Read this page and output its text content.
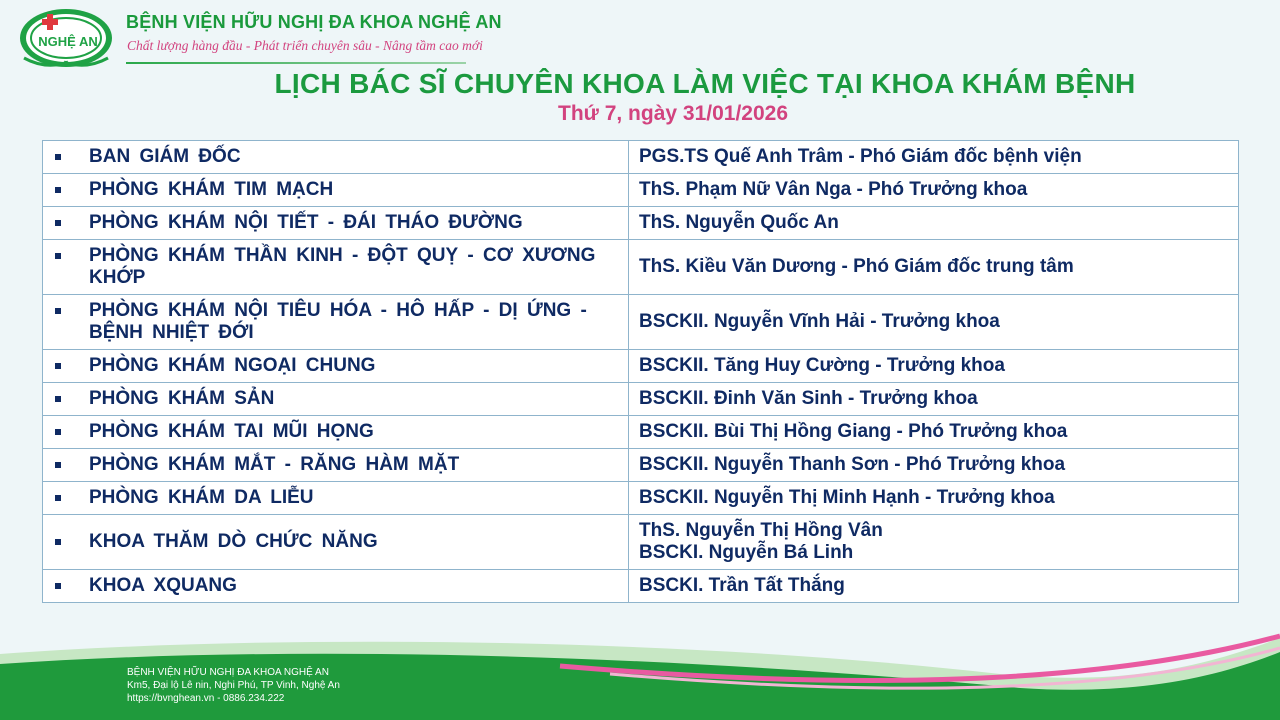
NGHỆ AN
BỆNH VIỆN HỮU NGHỊ ĐA KHOA NGHỆ AN
Chất lượng hàng đầu - Phát triển chuyên sâu - Nâng tầm cao mới
LỊCH BÁC SĨ CHUYÊN KHOA LÀM VIỆC TẠI KHOA KHÁM BỆNH
Thứ 7, ngày 31/01/2026
BAN GIÁM ĐỐC	PGS.TS Quế Anh Trâm - Phó Giám đốc bệnh viện

PHÒNG KHÁM TIM MẠCH	ThS. Phạm Nữ Vân Nga - Phó Trưởng khoa

PHÒNG KHÁM NỘI TIẾT - ĐÁI THÁO ĐƯỜNG	ThS. Nguyễn Quốc An

PHÒNG KHÁM THẦN KINH - ĐỘT QUỴ - CƠ XƯƠNG KHỚP	ThS. Kiều Văn Dương - Phó Giám đốc trung tâm

PHÒNG KHÁM NỘI TIÊU HÓA - HÔ HẤP - DỊ ỨNG - BỆNH NHIỆT ĐỚI	BSCKII. Nguyễn Vĩnh Hải - Trưởng khoa

PHÒNG KHÁM NGOẠI CHUNG	BSCKII. Tăng Huy Cường - Trưởng khoa

PHÒNG KHÁM SẢN	BSCKII. Đinh Văn Sinh - Trưởng khoa

PHÒNG KHÁM TAI MŨI HỌNG	BSCKII. Bùi Thị Hồng Giang - Phó Trưởng khoa

PHÒNG KHÁM MẮT - RĂNG HÀM MẶT	BSCKII. Nguyễn Thanh Sơn - Phó Trưởng khoa

PHÒNG KHÁM DA LIỄU	BSCKII. Nguyễn Thị Minh Hạnh - Trưởng khoa

KHOA THĂM DÒ CHỨC NĂNG	ThS. Nguyễn Thị Hồng Vân
BSCKI. Nguyễn Bá Linh

KHOA XQUANG	BSCKI. Trần Tất Thắng
BỆNH VIỆN HỮU NGHỊ ĐA KHOA NGHỆ AN
Km5, Đại lộ Lê nin, Nghi Phú, TP Vinh, Nghệ An
https://bvnghean.vn - 0886.234.222
